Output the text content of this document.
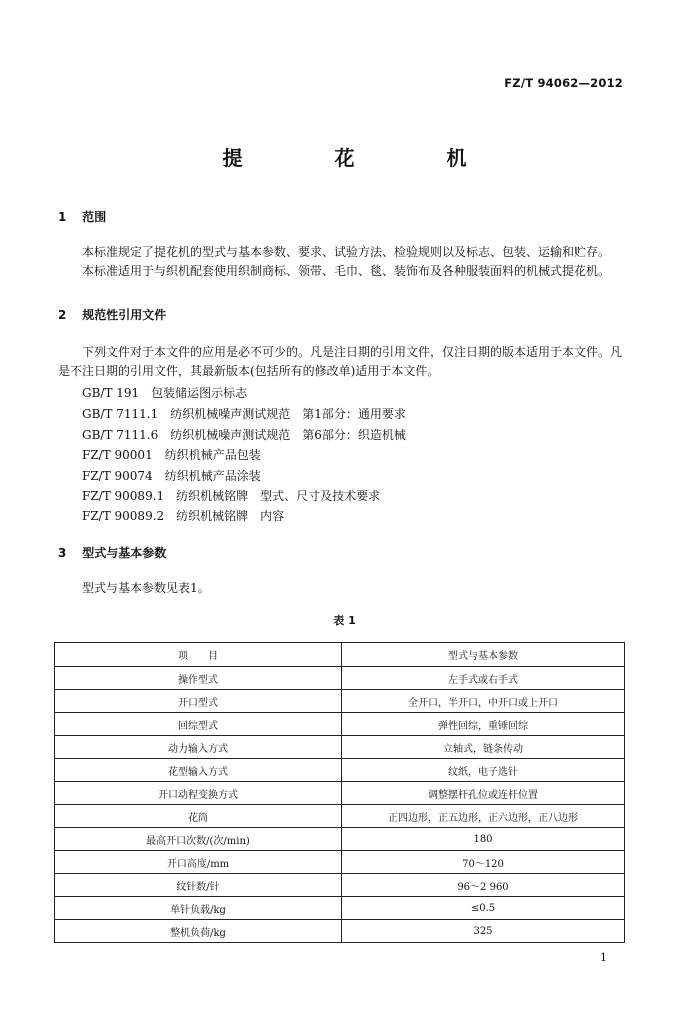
FZ/T 94062—2012
提　花　机
1 范围
本标准规定了提花机的型式与基本参数、要求、试验方法、检验规则以及标志、包装、运输和贮存。
本标准适用于与织机配套使用织制商标、领带、毛巾、毯、装饰布及各种服装面料的机械式提花机。
2 规范性引用文件
下列文件对于本文件的应用是必不可少的。凡是注日期的引用文件，仅注日期的版本适用于本文件。凡是不注日期的引用文件，其最新版本(包括所有的修改单)适用于本文件。
GB/T 191　包装储运图示标志
GB/T 7111.1　纺织机械噪声测试规范　第1部分：通用要求
GB/T 7111.6　纺织机械噪声测试规范　第6部分：织造机械
FZ/T 90001　纺织机械产品包装
FZ/T 90074　纺织机械产品涂装
FZ/T 90089.1　纺织机械铭牌　型式、尺寸及技术要求
FZ/T 90089.2　纺织机械铭牌　内容
3 型式与基本参数
型式与基本参数见表1。
表 1
项　　目	型式与基本参数
操作型式	左手式或右手式
开口型式	全开口，半开口，中开口或上开口
回综型式	弹性回综，重锤回综
动力输入方式	立轴式，链条传动
花型输入方式	纹纸，电子选针
开口动程变换方式	调整摆杆孔位或连杆位置
花筒	正四边形，正五边形，正六边形，正八边形
最高开口次数/(次/min)	180
开口高度/mm	70～120
纹针数/针	96～2 960
单针负载/kg	≤0.5
整机负荷/kg	325
1
